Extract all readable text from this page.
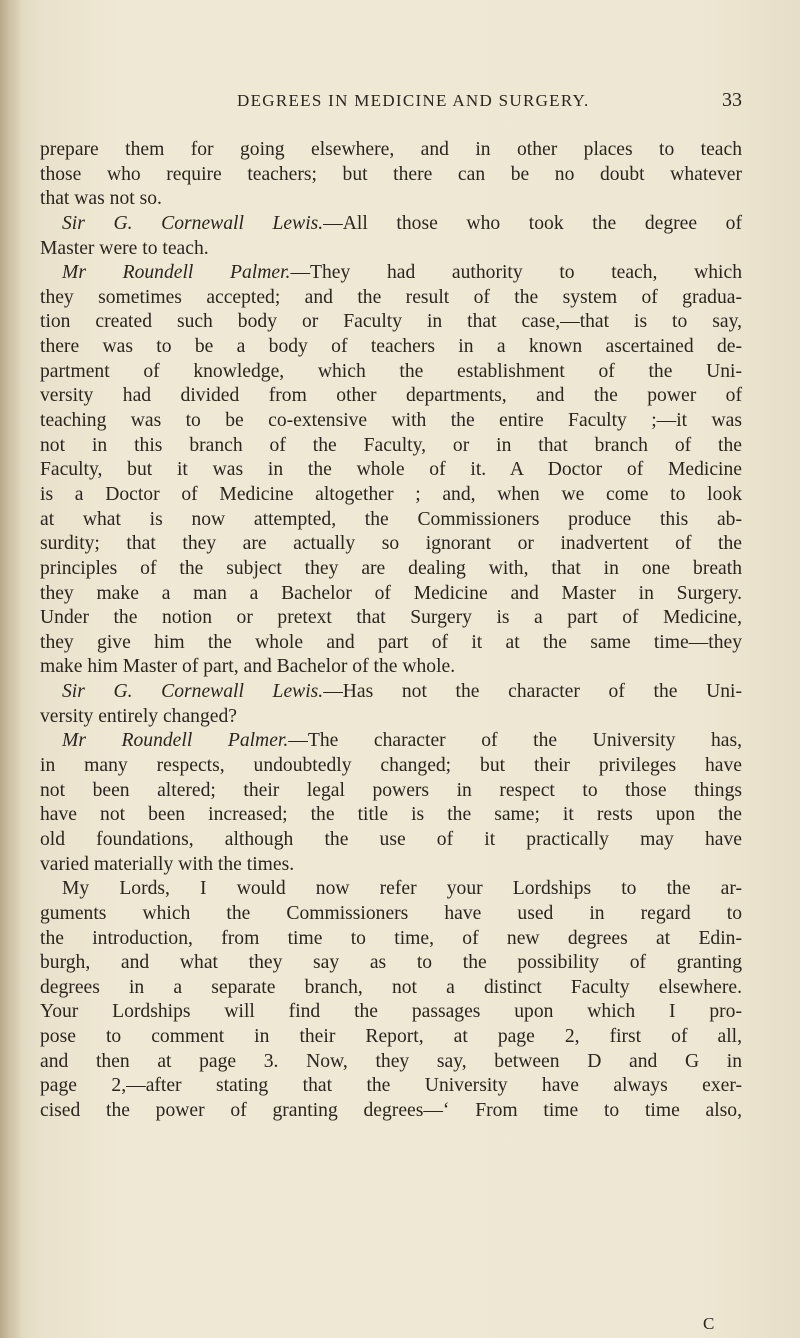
DEGREES IN MEDICINE AND SURGERY.	33
prepare them for going elsewhere, and in other places to teach
those who require teachers; but there can be no doubt whatever
that was not so.
Sir G. Cornewall Lewis.—All those who took the degree of
Master were to teach.
Mr Roundell Palmer.—They had authority to teach, which
they sometimes accepted; and the result of the system of gradua-
tion created such body or Faculty in that case,—that is to say,
there was to be a body of teachers in a known ascertained de-
partment of knowledge, which the establishment of the Uni-
versity had divided from other departments, and the power of
teaching was to be co-extensive with the entire Faculty ;—it was
not in this branch of the Faculty, or in that branch of the
Faculty, but it was in the whole of it. A Doctor of Medicine
is a Doctor of Medicine altogether ; and, when we come to look
at what is now attempted, the Commissioners produce this ab-
surdity; that they are actually so ignorant or inadvertent of the
principles of the subject they are dealing with, that in one breath
they make a man a Bachelor of Medicine and Master in Surgery.
Under the notion or pretext that Surgery is a part of Medicine,
they give him the whole and part of it at the same time—they
make him Master of part, and Bachelor of the whole.
Sir G. Cornewall Lewis.—Has not the character of the Uni-
versity entirely changed?
Mr Roundell Palmer.—The character of the University has,
in many respects, undoubtedly changed; but their privileges have
not been altered; their legal powers in respect to those things
have not been increased; the title is the same; it rests upon the
old foundations, although the use of it practically may have
varied materially with the times.
My Lords, I would now refer your Lordships to the ar-
guments which the Commissioners have used in regard to
the introduction, from time to time, of new degrees at Edin-
burgh, and what they say as to the possibility of granting
degrees in a separate branch, not a distinct Faculty elsewhere.
Your Lordships will find the passages upon which I pro-
pose to comment in their Report, at page 2, first of all,
and then at page 3. Now, they say, between D and G in
page 2,—after stating that the University have always exer-
cised the power of granting degrees—‘ From time to time also,
C
